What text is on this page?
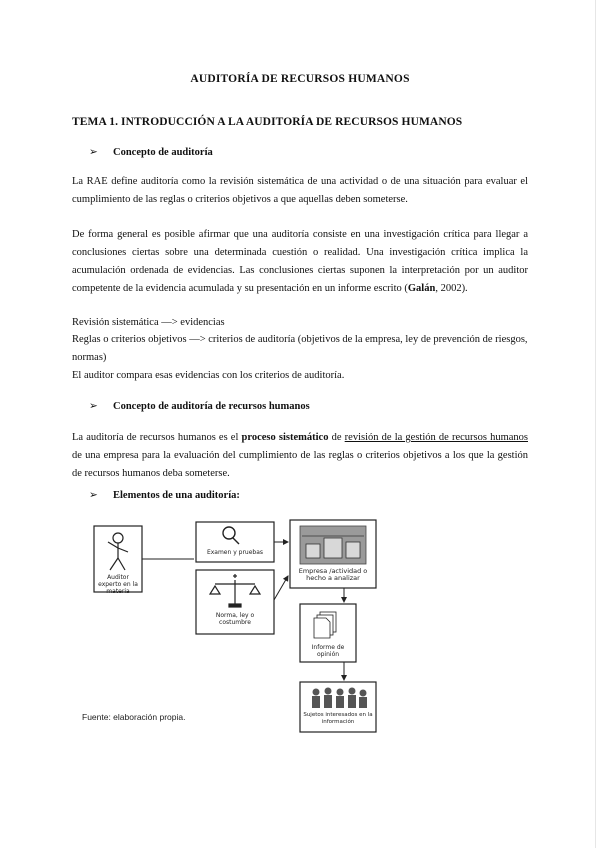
AUDITORÍA DE RECURSOS HUMANOS
TEMA 1. INTRODUCCIÓN A LA AUDITORÍA DE RECURSOS HUMANOS
➢ Concepto de auditoría
La RAE define auditoría como la revisión sistemática de una actividad o de una situación para evaluar el cumplimiento de las reglas o criterios objetivos a que aquellas deben someterse.
De forma general es posible afirmar que una auditoría consiste en una investigación crítica para llegar a conclusiones ciertas sobre una determinada cuestión o realidad. Una investigación crítica implica la acumulación ordenada de evidencias. Las conclusiones ciertas suponen la interpretación por un auditor competente de la evidencia acumulada y su presentación en un informe escrito (Galán, 2002).
Revisión sistemática —> evidencias
Reglas o criterios objetivos —> criterios de auditoría (objetivos de la empresa, ley de prevención de riesgos, normas)
El auditor compara esas evidencias con los criterios de auditoría.
➢ Concepto de auditoría de recursos humanos
La auditoría de recursos humanos es el proceso sistemático de revisión de la gestión de recursos humanos de una empresa para la evaluación del cumplimiento de las reglas o criterios objetivos a los que la gestión de recursos humanos deba someterse.
➢ Elementos de una auditoría:
Auditor experto en la materia
Examen y pruebas
Norma, ley o costumbre
Empresa /actividad o hecho a analizar
Informe de opinión
Sujetos interesados en la información
Fuente: elaboración propia.
